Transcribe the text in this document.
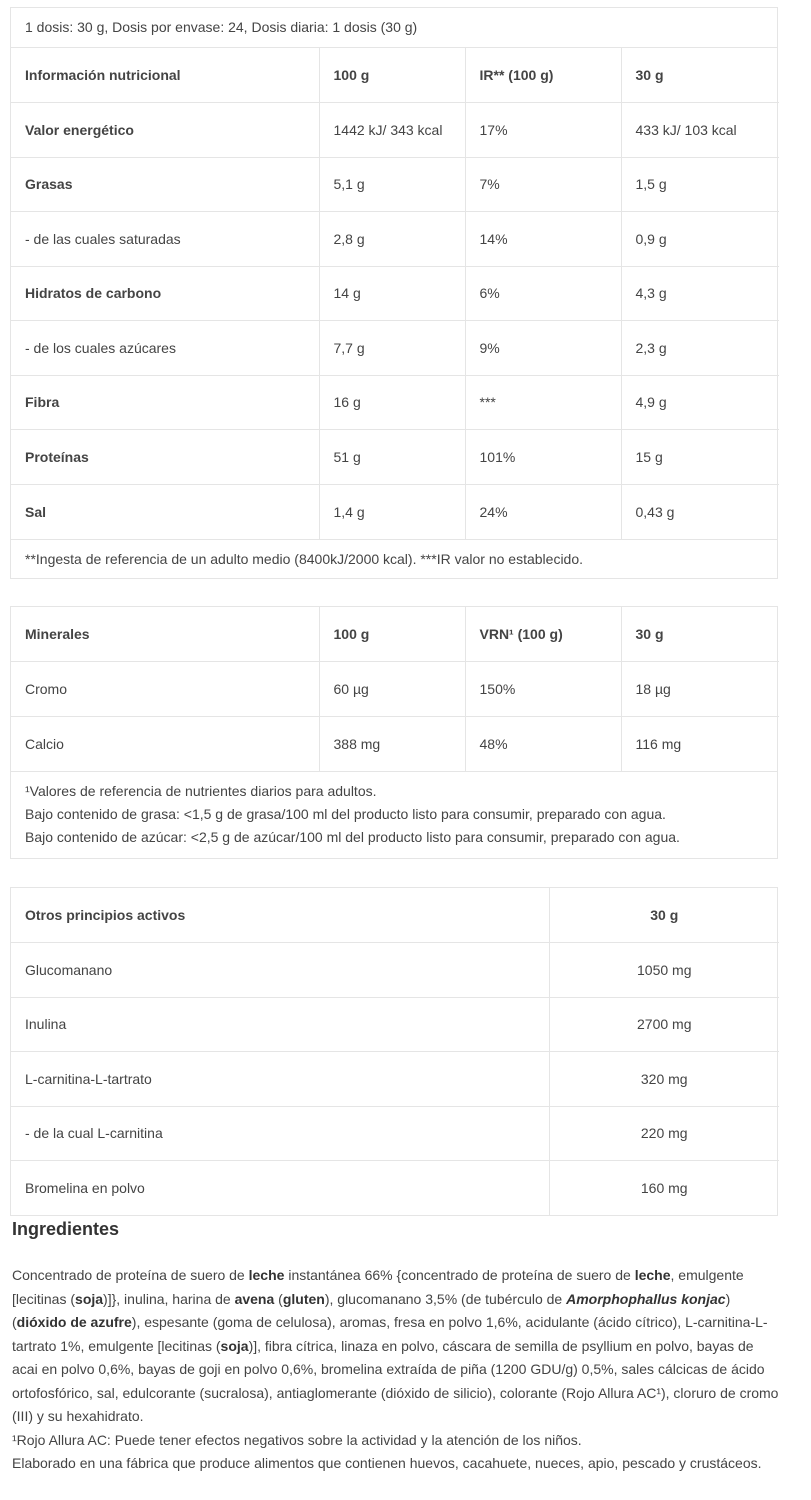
1 dosis: 30 g, Dosis por envase: 24, Dosis diaria: 1 dosis (30 g)
Información nutricional	100 g	IR** (100 g)	30 g
Valor energético	1442 kJ/ 343 kcal	17%	433 kJ/ 103 kcal
Grasas	5,1 g	7%	1,5 g
- de las cuales saturadas	2,8 g	14%	0,9 g
Hidratos de carbono	14 g	6%	4,3 g
- de los cuales azúcares	7,7 g	9%	2,3 g
Fibra	16 g	***	4,9 g
Proteínas	51 g	101%	15 g
Sal	1,4 g	24%	0,43 g
**Ingesta de referencia de un adulto medio (8400kJ/2000 kcal). ***IR valor no establecido.
Minerales	100 g	VRN¹ (100 g)	30 g
Cromo	60 µg	150%	18 µg
Calcio	388 mg	48%	116 mg
¹Valores de referencia de nutrientes diarios para adultos.
Bajo contenido de grasa: <1,5 g de grasa/100 ml del producto listo para consumir, preparado con agua.
Bajo contenido de azúcar: <2,5 g de azúcar/100 ml del producto listo para consumir, preparado con agua.
Otros principios activos	30 g
Glucomanano	1050 mg
Inulina	2700 mg
L-carnitina-L-tartrato	320 mg
- de la cual L-carnitina	220 mg
Bromelina en polvo	160 mg
Ingredientes

Concentrado de proteína de suero de leche instantánea 66% {concentrado de proteína de suero de leche, emulgente [lecitinas (soja)]}, inulina, harina de avena (gluten), glucomanano 3,5% (de tubérculo de Amorphophallus konjac) (dióxido de azufre), espesante (goma de celulosa), aromas, fresa en polvo 1,6%, acidulante (ácido cítrico), L-carnitina-L-tartrato 1%, emulgente [lecitinas (soja)], fibra cítrica, linaza en polvo, cáscara de semilla de psyllium en polvo, bayas de acai en polvo 0,6%, bayas de goji en polvo 0,6%, bromelina extraída de piña (1200 GDU/g) 0,5%, sales cálcicas de ácido ortofosfórico, sal, edulcorante (sucralosa), antiaglomerante (dióxido de silicio), colorante (Rojo Allura AC¹), cloruro de cromo (III) y su hexahidrato.

¹Rojo Allura AC: Puede tener efectos negativos sobre la actividad y la atención de los niños.

Elaborado en una fábrica que produce alimentos que contienen huevos, cacahuete, nueces, apio, pescado y crustáceos.
